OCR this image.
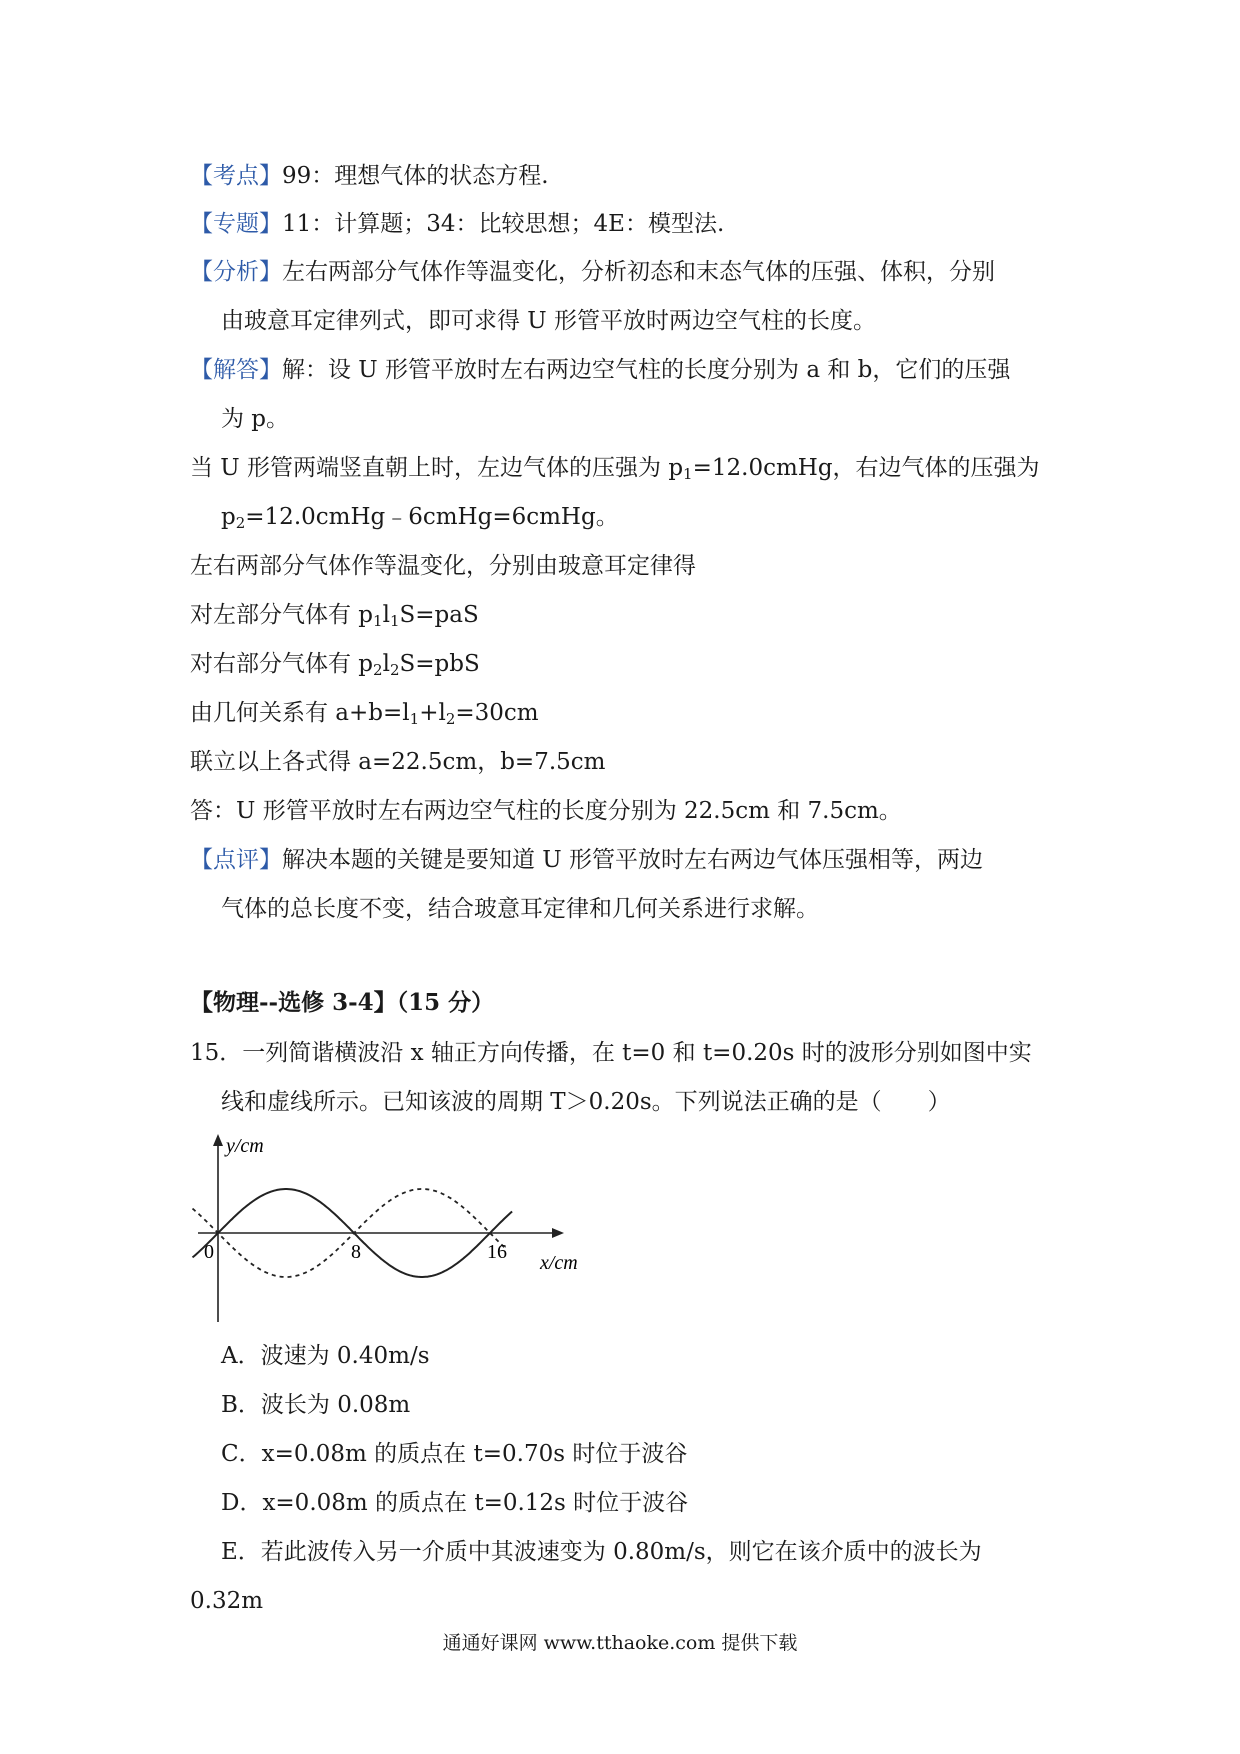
【考点】99：理想气体的状态方程.
【专题】11：计算题；34：比较思想；4E：模型法.
【分析】左右两部分气体作等温变化，分析初态和末态气体的压强、体积，分别
由玻意耳定律列式，即可求得 U 形管平放时两边空气柱的长度。
【解答】解：设 U 形管平放时左右两边空气柱的长度分别为 a 和 b，它们的压强
为 p。
当 U 形管两端竖直朝上时，左边气体的压强为 $p_1=12.0cmHg$，右边气体的压强为
$p_2=12.0cmHg﹣6cmHg=6cmHg$。
左右两部分气体作等温变化，分别由玻意耳定律得
对左部分气体有 $p_1l_1S=paS$
对右部分气体有 $p_2l_2S=pbS$
由几何关系有 $a+b=l_1+l_2=30cm$
联立以上各式得 a=22.5cm，b=7.5cm
答：U 形管平放时左右两边空气柱的长度分别为 22.5cm 和 7.5cm。
【点评】解决本题的关键是要知道 U 形管平放时左右两边气体压强相等，两边
气体的总长度不变，结合玻意耳定律和几何关系进行求解。
【物理--选修 3-4】（15 分）
15．一列简谐横波沿 x 轴正方向传播，在 t=0 和 t=0.20s 时的波形分别如图中实
线和虚线所示。已知该波的周期 T＞0.20s。下列说法正确的是（　　）
y/cm
x/cm
0	8	16
A．波速为 0.40m/s
B．波长为 0.08m
C．x=0.08m 的质点在 t=0.70s 时位于波谷
D．x=0.08m 的质点在 t=0.12s 时位于波谷
E．若此波传入另一介质中其波速变为 0.80m/s，则它在该介质中的波长为
0.32m
通通好课网 www.tthaoke.com 提供下载
